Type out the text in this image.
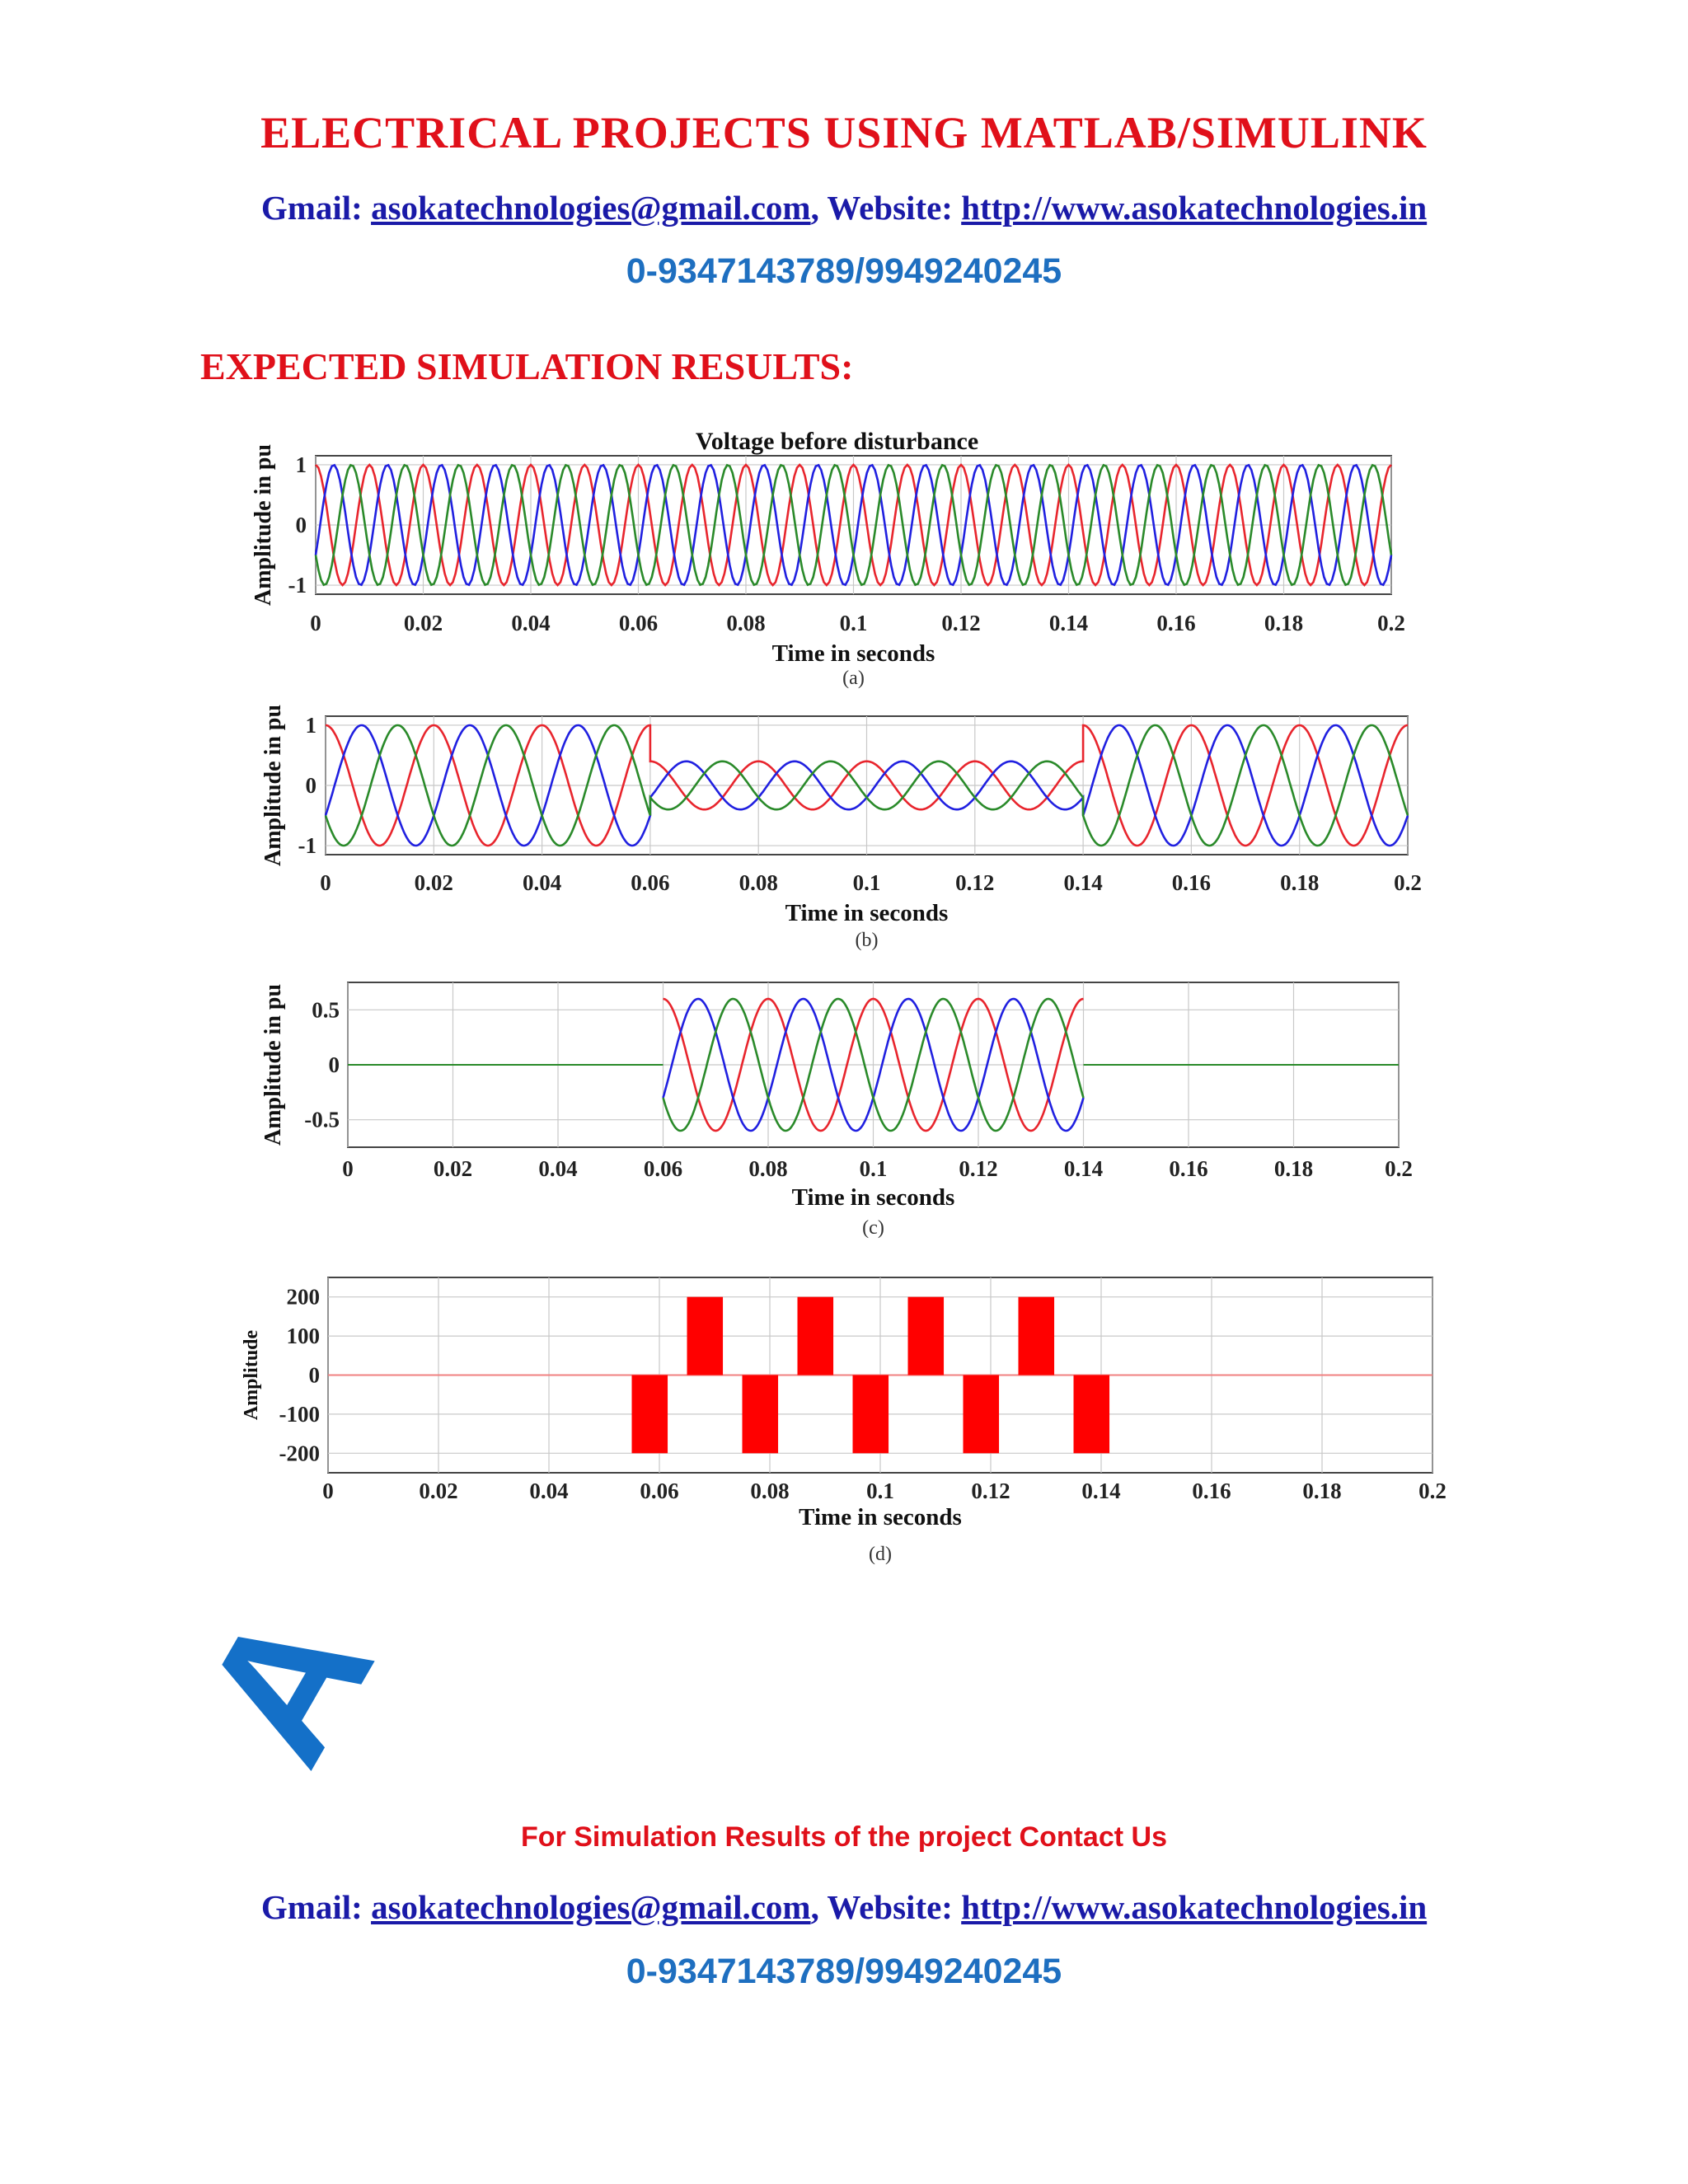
ELECTRICAL PROJECTS USING MATLAB/SIMULINK
Gmail: asokatechnologies@gmail.com, Website: http://www.asokatechnologies.in
0-9347143789/9949240245
EXPECTED SIMULATION RESULTS:
A
0	0.02	0.04	0.06	0.08	0.1	0.12	0.14	0.16	0.18	0.2
1
0
-1
Time in seconds
Amplitude in pu
(a)
Voltage before disturbance
0	0.02	0.04	0.06	0.08	0.1	0.12	0.14	0.16	0.18	0.2
1
0
-1
Time in seconds
Amplitude in pu
(b)
0	0.02	0.04	0.06	0.08	0.1	0.12	0.14	0.16	0.18	0.2
0.5
0
-0.5
Time in seconds
Amplitude in pu
(c)
0	0.02	0.04	0.06	0.08	0.1	0.12	0.14	0.16	0.18	0.2
200
100
0
-100
-200
Time in seconds
Amplitude
(d)
For Simulation Results of the project Contact Us
Gmail: asokatechnologies@gmail.com, Website: http://www.asokatechnologies.in
0-9347143789/9949240245
